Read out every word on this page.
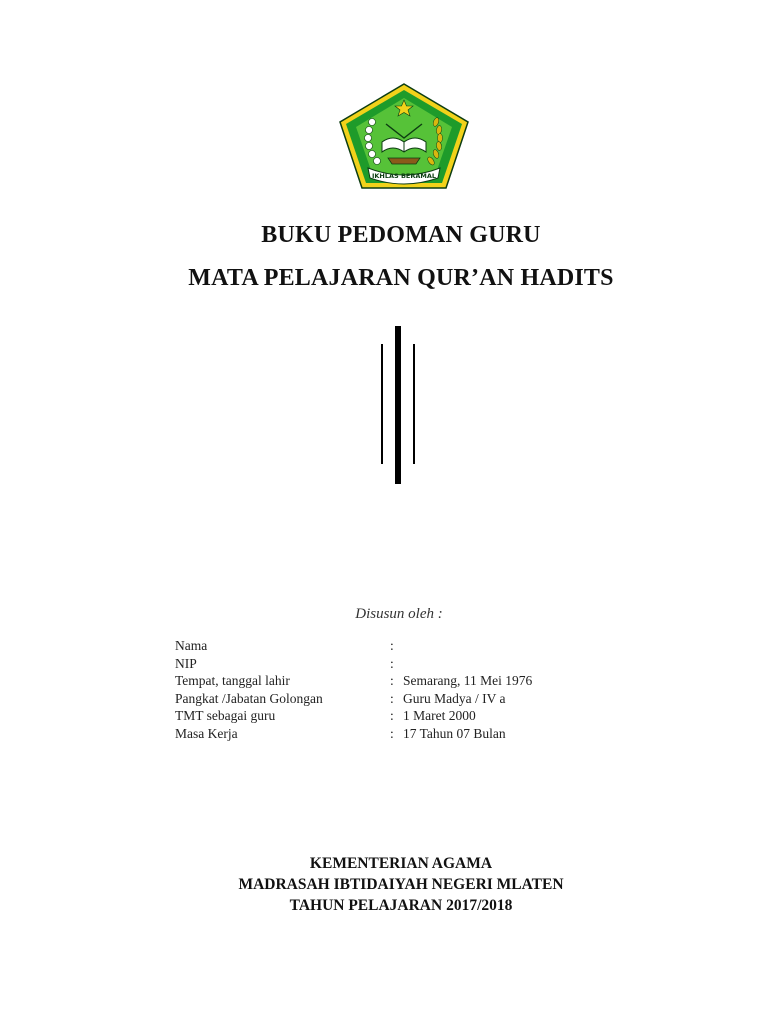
IKHLAS BERAMAL
BUKU PEDOMAN GURU
MATA PELAJARAN QUR’AN HADITS
Disusun oleh :
Nama	:
NIP	:
Tempat, tanggal lahir	: Semarang, 11 Mei 1976
Pangkat /Jabatan Golongan	: Guru Madya / IV a
TMT sebagai guru	: 1 Maret 2000
Masa Kerja	: 17 Tahun 07 Bulan
KEMENTERIAN AGAMA
MADRASAH IBTIDAIYAH NEGERI MLATEN
TAHUN PELAJARAN 2017/2018
